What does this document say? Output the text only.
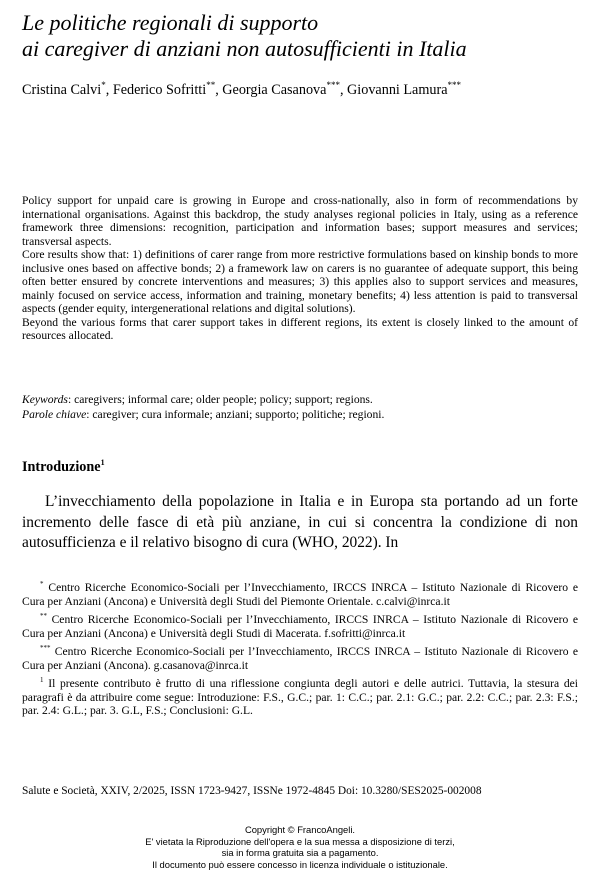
Le politiche regionali di supporto
ai caregiver di anziani non autosufficienti in Italia
Cristina Calvi*, Federico Sofritti**, Georgia Casanova***, Giovanni Lamura***

Policy support for unpaid care is growing in Europe and cross-nationally, also in form of recommendations by international organisations. Against this backdrop, the study analyses regional policies in Italy, using as a reference framework three dimensions: recognition, participation and information bases; support measures and services; transversal aspects.

Core results show that: 1) definitions of carer range from more restrictive formulations based on kinship bonds to more inclusive ones based on affective bonds; 2) a framework law on carers is no guarantee of adequate support, this being often better ensured by concrete interventions and measures; 3) this applies also to support services and measures, mainly focused on service access, information and training, monetary benefits; 4) less attention is paid to transversal aspects (gender equity, intergenerational relations and digital solutions).

Beyond the various forms that carer support takes in different regions, its extent is closely linked to the amount of resources allocated.

Keywords: caregivers; informal care; older people; policy; support; regions.

Parole chiave: caregiver; cura informale; anziani; supporto; politiche; regioni.

Introduzione$^1$

L’invecchiamento della popolazione in Italia e in Europa sta portando ad un forte incremento delle fasce di età più anziane, in cui si concentra la condizione di non autosufficienza e il relativo bisogno di cura (WHO, 2022). In

* Centro Ricerche Economico-Sociali per l’Invecchiamento, IRCCS INRCA – Istituto Nazionale di Ricovero e Cura per Anziani (Ancona) e Università degli Studi del Piemonte Orientale. c.calvi@inrca.it

** Centro Ricerche Economico-Sociali per l’Invecchiamento, IRCCS INRCA – Istituto Nazionale di Ricovero e Cura per Anziani (Ancona) e Università degli Studi di Macerata. f.sofritti@inrca.it

*** Centro Ricerche Economico-Sociali per l’Invecchiamento, IRCCS INRCA – Istituto Nazionale di Ricovero e Cura per Anziani (Ancona). g.casanova@inrca.it

$^1$ Il presente contributo è frutto di una riflessione congiunta degli autori e delle autrici. Tuttavia, la stesura dei paragrafi è da attribuire come segue: Introduzione: F.S., G.C.; par. 1: C.C.; par. 2.1: G.C.; par. 2.2: C.C.; par. 2.3: F.S.; par. 2.4: G.L.; par. 3. G.L, F.S.; Conclusioni: G.L.

Salute e Società, XXIV, 2/2025, ISSN 1723-9427, ISSNe 1972-4845 Doi: 10.3280/SES2025-002008
Copyright © FrancoAngeli.
E' vietata la Riproduzione dell'opera e la sua messa a disposizione di terzi,
sia in forma gratuita sia a pagamento.
Il documento può essere concesso in licenza individuale o istituzionale.
